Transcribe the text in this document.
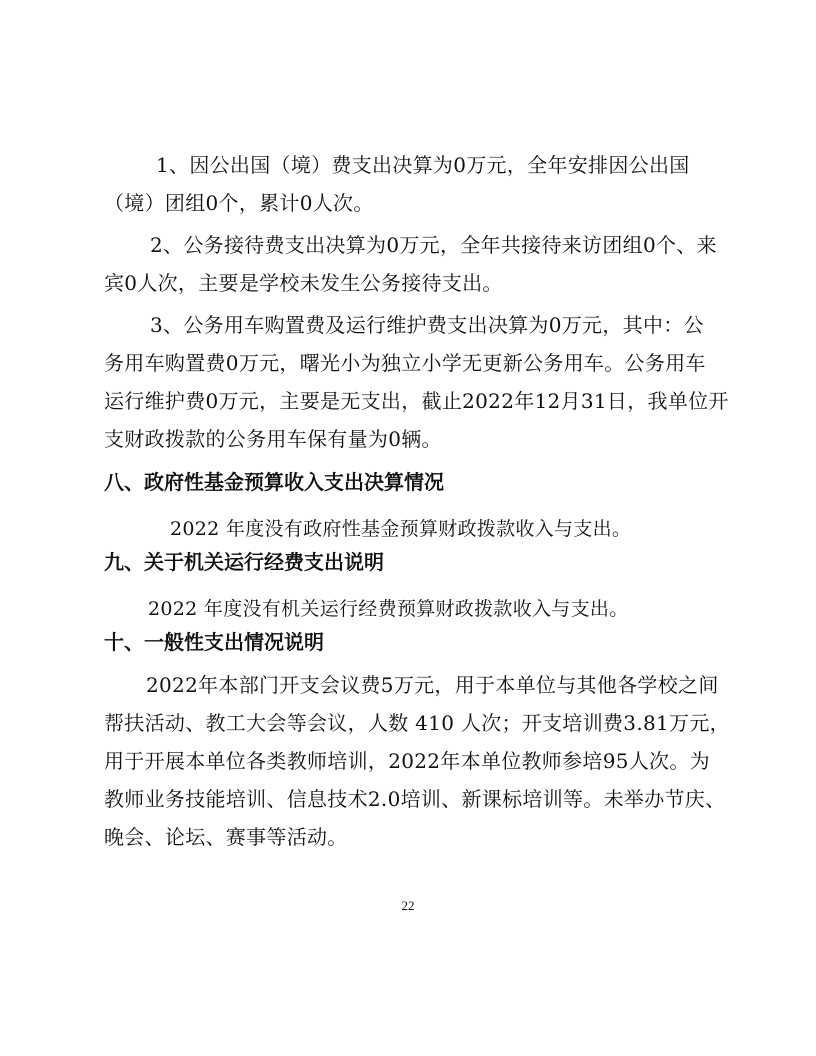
1、因公出国（境）费支出决算为0万元，全年安排因公出国
（境）团组0个，累计0人次。

2、公务接待费支出决算为0万元，全年共接待来访团组0个、来
宾0人次，主要是学校未发生公务接待支出。

3、公务用车购置费及运行维护费支出决算为0万元，其中：公
务用车购置费0万元，曙光小为独立小学无更新公务用车。公务用车
运行维护费0万元，主要是无支出，截止2022年12月31日，我单位开
支财政拨款的公务用车保有量为0辆。

八、政府性基金预算收入支出决算情况

2022 年度没有政府性基金预算财政拨款收入与支出。

九、关于机关运行经费支出说明

2022 年度没有机关运行经费预算财政拨款收入与支出。

十、一般性支出情况说明

2022年本部门开支会议费5万元，用于本单位与其他各学校之间
帮扶活动、教工大会等会议，人数 410 人次；开支培训费3.81万元，
用于开展本单位各类教师培训，2022年本单位教师参培95人次。为
教师业务技能培训、信息技术2.0培训、新课标培训等。未举办节庆、
晚会、论坛、赛事等活动。

22
